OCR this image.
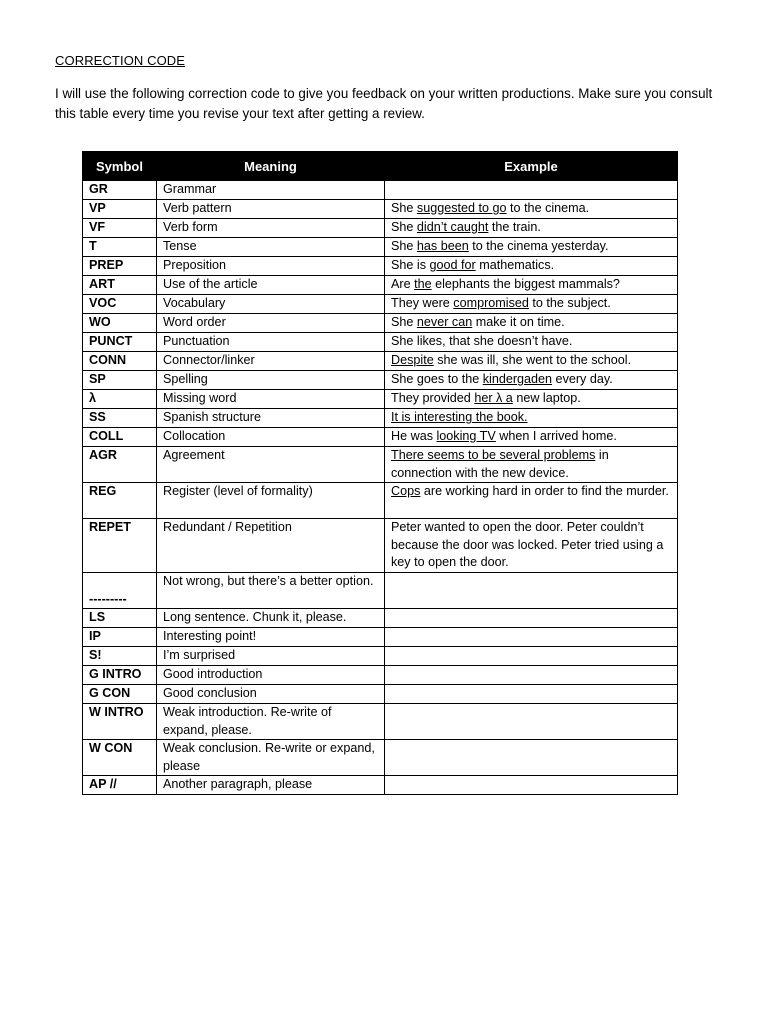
CORRECTION CODE
I will use the following correction code to give you feedback on your written productions. Make sure you consult this table every time you revise your text after getting a review.
Symbol	Meaning	Example
GR	Grammar	
VP	Verb pattern	She suggested to go to the cinema.
VF	Verb form	She didn’t caught the train.
T	Tense	She has been to the cinema yesterday.
PREP	Preposition	She is good for mathematics.
ART	Use of the article	Are the elephants the biggest mammals?
VOC	Vocabulary	They were compromised to the subject.
WO	Word order	She never can make it on time.
PUNCT	Punctuation	She likes, that she doesn’t have.
CONN	Connector/linker	Despite she was ill, she went to the school.
SP	Spelling	She goes to the kindergaden every day.
λ	Missing word	They provided her λ a new laptop.
SS	Spanish structure	It is interesting the book.
COLL	Collocation	He was looking TV when I arrived home.
AGR	Agreement	There seems to be several problems in connection with the new device.
REG	Register (level of formality)	Cops are working hard in order to find the murder.
REPET	Redundant / Repetition	Peter wanted to open the door. Peter couldn’t because the door was locked. Peter tried using a key to open the door.
---------	Not wrong, but there’s a better option.	
LS	Long sentence. Chunk it, please.	
IP	Interesting point!	
S!	I’m surprised	
G INTRO	Good introduction	
G CON	Good conclusion	
W INTRO	Weak introduction. Re-write of expand, please.	
W CON	Weak conclusion. Re-write or expand, please	
AP //	Another paragraph, please	
